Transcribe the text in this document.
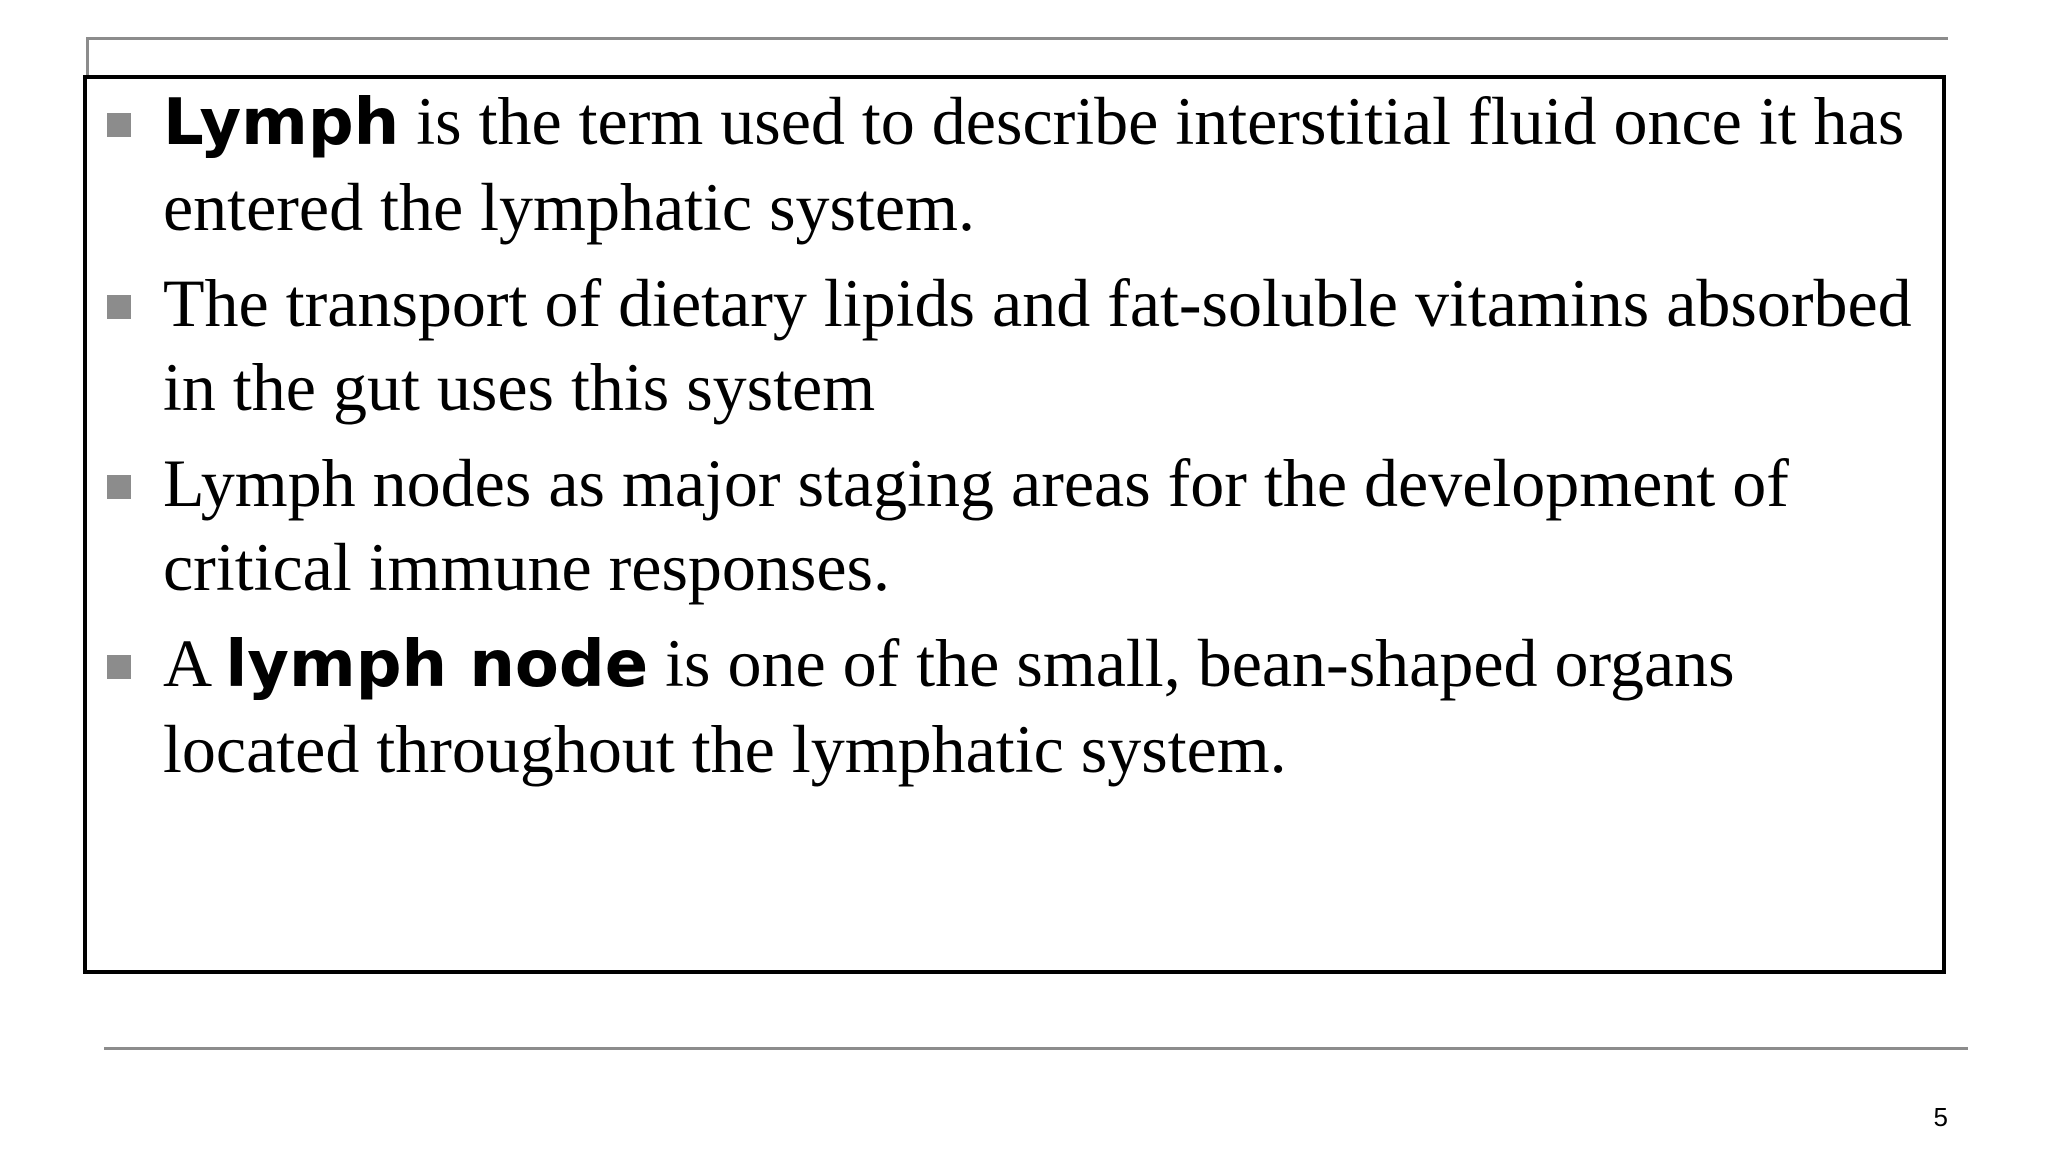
Lymph is the term used to describe interstitial fluid once it has entered the lymphatic system.
The transport of dietary lipids and fat-soluble vitamins absorbed in the gut uses this system
Lymph nodes as major staging areas for the development of critical immune responses.
A lymph node is one of the small, bean-shaped organs located throughout the lymphatic system.
5
